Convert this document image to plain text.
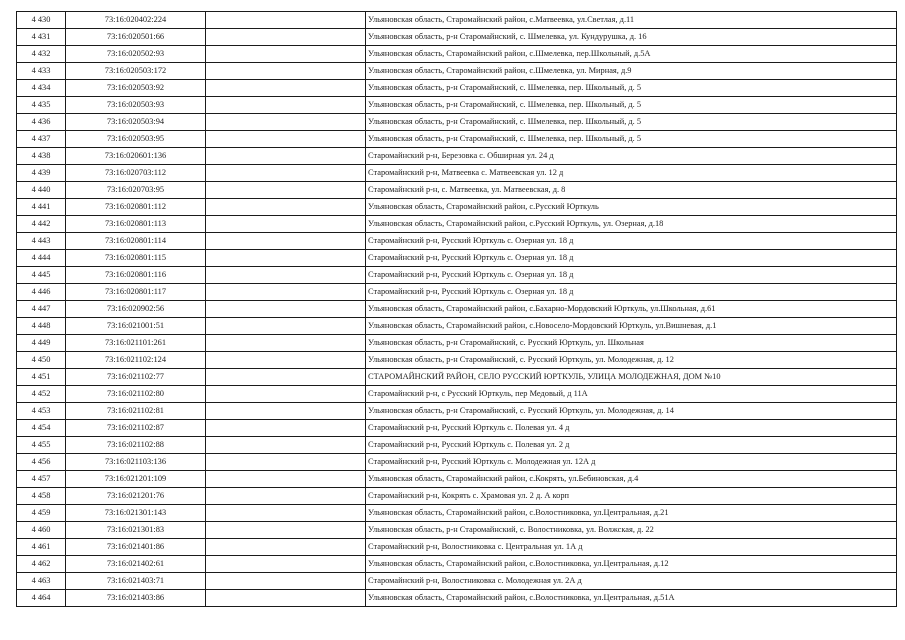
4 430	73:16:020402:224		Ульяновская область, Старомайнский район, с.Матвеевка, ул.Светлая, д.11
4 431	73:16:020501:66		Ульяновская область, р-н Старомайнский, с. Шмелевка, ул. Кундурушка, д. 16
4 432	73:16:020502:93		Ульяновская область, Старомайнский район, с.Шмелевка, пер.Школьный, д.5А
4 433	73:16:020503:172		Ульяновская область, Старомайнский район, с.Шмелевка, ул. Мирная, д.9
4 434	73:16:020503:92		Ульяновская область, р-н Старомайнский, с. Шмелевка, пер. Школьный, д. 5
4 435	73:16:020503:93		Ульяновская область, р-н Старомайнский, с. Шмелевка, пер. Школьный, д. 5
4 436	73:16:020503:94		Ульяновская область, р-н Старомайнский, с. Шмелевка, пер. Школьный, д. 5
4 437	73:16:020503:95		Ульяновская область, р-н Старомайнский, с. Шмелевка, пер. Школьный, д. 5
4 438	73:16:020601:136		Старомайнский р-н, Березовка с. Обширная ул. 24 д
4 439	73:16:020703:112		Старомайнский р-н, Матвеевка с. Матвеевская ул. 12 д
4 440	73:16:020703:95		Старомайнский р-н, с. Матвеевка, ул. Матвеевская, д. 8
4 441	73:16:020801:112		Ульяновская область, Старомайнский район, с.Русский Юрткуль
4 442	73:16:020801:113		Ульяновская область, Старомайнский район, с.Русский Юрткуль, ул. Озерная, д.18
4 443	73:16:020801:114		Старомайнский р-н, Русский Юрткуль с. Озерная ул. 18 д
4 444	73:16:020801:115		Старомайнский р-н, Русский Юрткуль с. Озерная ул. 18 д
4 445	73:16:020801:116		Старомайнский р-н, Русский Юрткуль с. Озерная ул. 18 д
4 446	73:16:020801:117		Старомайнский р-н, Русский Юрткуль с. Озерная ул. 18 д
4 447	73:16:020902:56		Ульяновская область, Старомайнский район, с.Бахарно-Мордовский Юрткуль, ул.Школьная, д.61
4 448	73:16:021001:51		Ульяновская область, Старомайнский район, с.Новосело-Мордовский Юрткуль, ул.Вишневая, д.1
4 449	73:16:021101:261		Ульяновская область, р-н Старомайнский, с. Русский Юрткуль, ул. Школьная
4 450	73:16:021102:124		Ульяновская область, р-н Старомайнский, с. Русский Юрткуль, ул. Молодежная, д. 12
4 451	73:16:021102:77		СТАРОМАЙНСКИЙ РАЙОН, СЕЛО РУССКИЙ ЮРТКУЛЬ, УЛИЦА МОЛОДЕЖНАЯ, ДОМ №10
4 452	73:16:021102:80		Старомайнский р-н, с Русский Юрткуль, пер Медовый, д 11А
4 453	73:16:021102:81		Ульяновская область, р-н Старомайнский, с. Русский Юрткуль, ул. Молодежная, д. 14
4 454	73:16:021102:87		Старомайнский р-н, Русский Юрткуль с. Полевая ул. 4 д
4 455	73:16:021102:88		Старомайнский р-н, Русский Юрткуль с. Полевая ул. 2 д
4 456	73:16:021103:136		Старомайнский р-н, Русский Юрткуль с. Молодежная ул. 12А д
4 457	73:16:021201:109		Ульяновская область, Старомайнский район, с.Кокрять, ул.Бебиновская, д.4
4 458	73:16:021201:76		Старомайнский р-н, Кокрять с. Храмовая ул. 2 д. А корп
4 459	73:16:021301:143		Ульяновская область, Старомайнский район, с.Волостниковка, ул.Центральная, д.21
4 460	73:16:021301:83		Ульяновская область, р-н Старомайнский, с. Волостниковка, ул. Волжская, д. 22
4 461	73:16:021401:86		Старомайнский р-н, Волостниковка с. Центральная ул. 1А д
4 462	73:16:021402:61		Ульяновская область, Старомайнский район, с.Волостниковка, ул.Центральная, д.12
4 463	73:16:021403:71		Старомайнский р-н, Волостниковка с. Молодежная ул. 2А д
4 464	73:16:021403:86		Ульяновская область, Старомайнский район, с.Волостниковка, ул.Центральная, д.51А
